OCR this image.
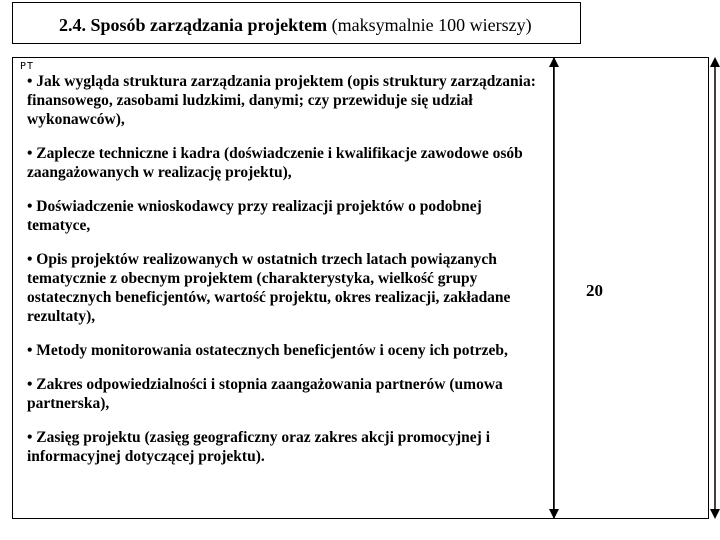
2.4. Sposób zarządzania projektem (maksymalnie 100 wierszy)
PT

• Jak wygląda struktura zarządzania projektem (opis struktury zarządzania: finansowego, zasobami ludzkimi, danymi; czy przewiduje się udział wykonawców),

• Zaplecze techniczne i kadra (doświadczenie i kwalifikacje zawodowe osób zaangażowanych w realizację projektu),

• Doświadczenie wnioskodawcy przy realizacji projektów o podobnej tematyce,

• Opis projektów realizowanych w ostatnich trzech latach powiązanych tematycznie z obecnym projektem (charakterystyka, wielkość grupy ostatecznych beneficjentów, wartość projektu, okres realizacji, zakładane rezultaty),

• Metody monitorowania ostatecznych beneficjentów i oceny ich potrzeb,

• Zakres odpowiedzialności i stopnia zaangażowania partnerów (umowa partnerska),

• Zasięg projektu (zasięg geograficzny oraz zakres akcji promocyjnej i informacyjnej dotyczącej projektu).

20
